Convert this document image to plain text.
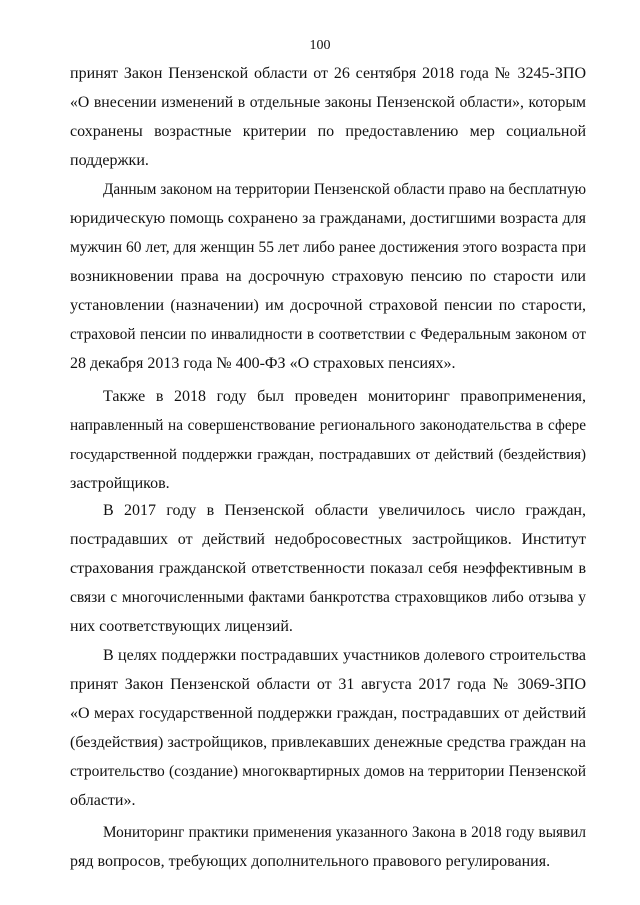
100
принят Закон Пензенской области от 26 сентября 2018 года № 3245-ЗПО
«О внесении изменений в отдельные законы Пензенской области», которым
сохранены возрастные критерии по предоставлению мер социальной
поддержки.
Данным законом на территории Пензенской области право на бесплатную
юридическую помощь сохранено за гражданами, достигшими возраста для
мужчин 60 лет, для женщин 55 лет либо ранее достижения этого возраста при
возникновении права на досрочную страховую пенсию по старости или
установлении (назначении) им досрочной страховой пенсии по старости,
страховой пенсии по инвалидности в соответствии с Федеральным законом от
28 декабря 2013 года № 400-ФЗ «О страховых пенсиях».
Также в 2018 году был проведен мониторинг правоприменения,
направленный на совершенствование регионального законодательства в сфере
государственной поддержки граждан, пострадавших от действий (бездействия)
застройщиков.
В 2017 году в Пензенской области увеличилось число граждан,
пострадавших от действий недобросовестных застройщиков. Институт
страхования гражданской ответственности показал себя неэффективным в
связи с многочисленными фактами банкротства страховщиков либо отзыва у
них соответствующих лицензий.
В целях поддержки пострадавших участников долевого строительства
принят Закон Пензенской области от 31 августа 2017 года № 3069-ЗПО
«О мерах государственной поддержки граждан, пострадавших от действий
(бездействия) застройщиков, привлекавших денежные средства граждан на
строительство (создание) многоквартирных домов на территории Пензенской
области».
Мониторинг практики применения указанного Закона в 2018 году выявил
ряд вопросов, требующих дополнительного правового регулирования.
